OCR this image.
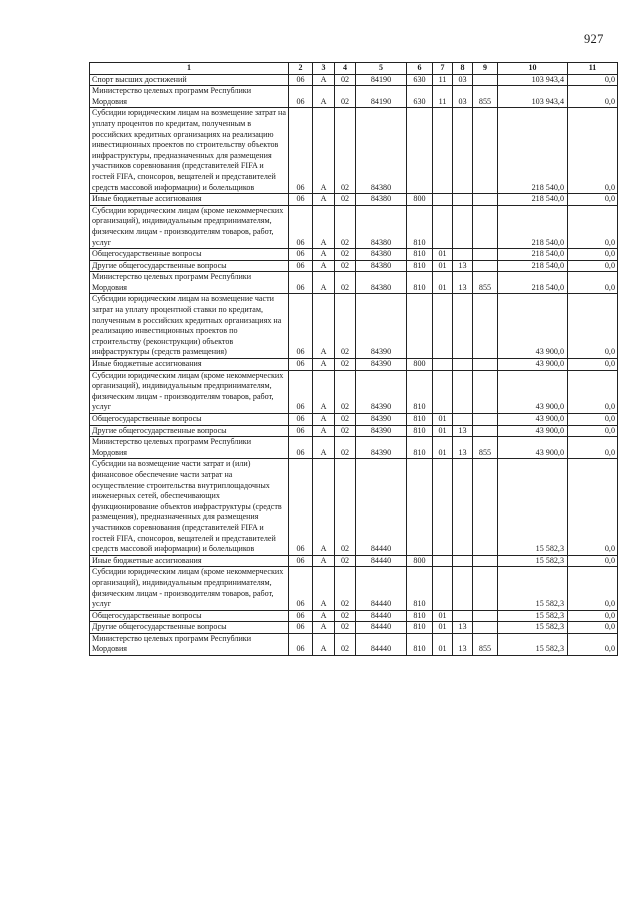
927
1	2	3	4	5	6	7	8	9	10	11
Спорт высших достижений	06	А	02	84190	630	11	03		103 943,4	0,0
Министерство целевых программ Республики Мордовия	06	А	02	84190	630	11	03	855	103 943,4	0,0
Субсидии юридическим лицам на возмещение затрат на уплату процентов по кредитам, полученным в российских кредитных организациях на реализацию инвестиционных проектов по строительству объектов инфраструктуры, предназначенных для размещения участников соревнования (представителей FIFA и гостей FIFA, спонсоров, вещателей и представителей средств массовой информации) и болельщиков	06	А	02	84380					218 540,0	0,0
Иные бюджетные ассигнования	06	А	02	84380	800				218 540,0	0,0
Субсидии юридическим лицам (кроме некоммерческих организаций), индивидуальным предпринимателям, физическим лицам - производителям товаров, работ, услуг	06	А	02	84380	810				218 540,0	0,0
Общегосударственные вопросы	06	А	02	84380	810	01			218 540,0	0,0
Другие общегосударственные вопросы	06	А	02	84380	810	01	13		218 540,0	0,0
Министерство целевых программ Республики Мордовия	06	А	02	84380	810	01	13	855	218 540,0	0,0
Субсидии юридическим лицам на возмещение части затрат на уплату процентной ставки по кредитам, полученным в российских кредитных организациях на реализацию инвестиционных проектов по строительству (реконструкции) объектов инфраструктуры (средств размещения)	06	А	02	84390					43 900,0	0,0
Иные бюджетные ассигнования	06	А	02	84390	800				43 900,0	0,0
Субсидии юридическим лицам (кроме некоммерческих организаций), индивидуальным предпринимателям, физическим лицам - производителям товаров, работ, услуг	06	А	02	84390	810				43 900,0	0,0
Общегосударственные вопросы	06	А	02	84390	810	01			43 900,0	0,0
Другие общегосударственные вопросы	06	А	02	84390	810	01	13		43 900,0	0,0
Министерство целевых программ Республики Мордовия	06	А	02	84390	810	01	13	855	43 900,0	0,0
Субсидии на возмещение части затрат и (или) финансовое обеспечение части затрат на осуществление строительства внутриплощадочных инженерных сетей, обеспечивающих функционирование объектов инфраструктуры (средств размещения), предназначенных для размещения участников соревнования (представителей FIFA и гостей FIFA, спонсоров, вещателей и представителей средств массовой информации) и болельщиков	06	А	02	84440					15 582,3	0,0
Иные бюджетные ассигнования	06	А	02	84440	800				15 582,3	0,0
Субсидии юридическим лицам (кроме некоммерческих организаций), индивидуальным предпринимателям, физическим лицам - производителям товаров, работ, услуг	06	А	02	84440	810				15 582,3	0,0
Общегосударственные вопросы	06	А	02	84440	810	01			15 582,3	0,0
Другие общегосударственные вопросы	06	А	02	84440	810	01	13		15 582,3	0,0
Министерство целевых программ Республики Мордовия	06	А	02	84440	810	01	13	855	15 582,3	0,0
